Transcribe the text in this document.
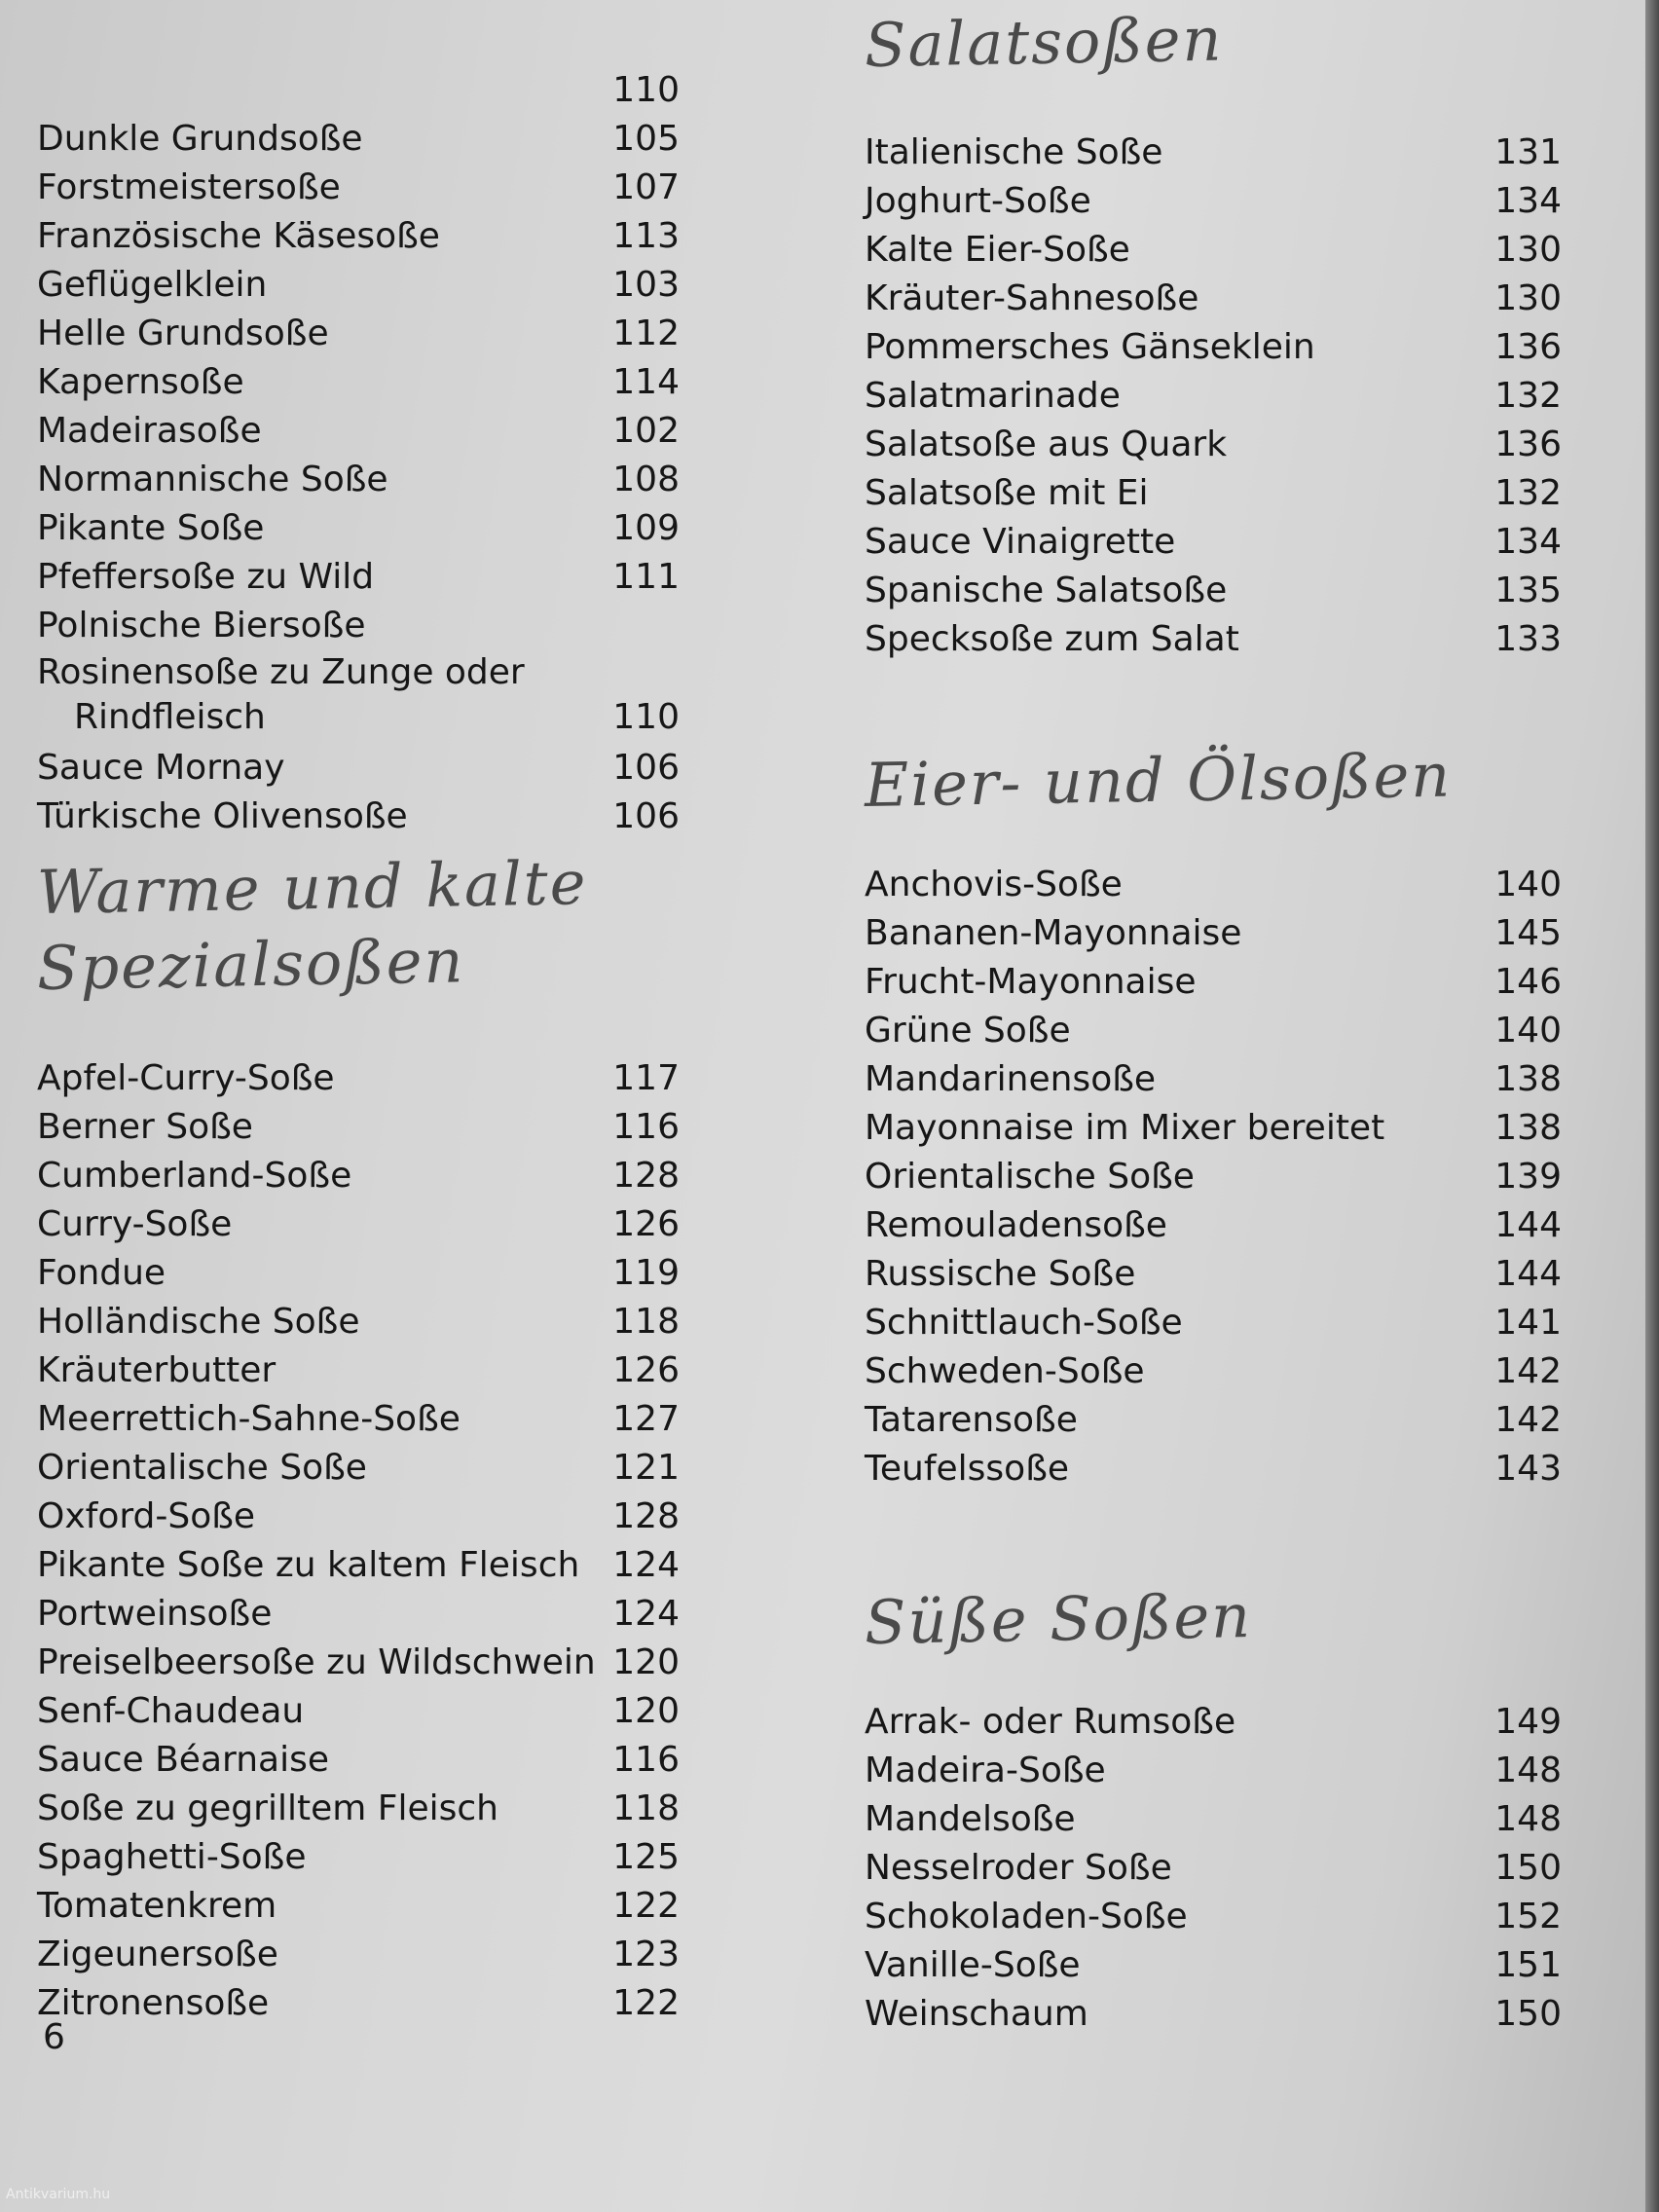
110
Dunkle Grundsoße	105
Forstmeistersoße	107
Französische Käsesoße	113
Geflügelklein	103
Helle Grundsoße	112
Kapernsoße	114
Madeirasoße	102
Normannische Soße	108
Pikante Soße	109
Pfeffersoße zu Wild	111
Polnische Biersoße
Rosinensoße zu Zunge oder
Rindfleisch	110
Sauce Mornay	106
Türkische Olivensoße	106
Warme und kalte
Spezialsoßen
Apfel-Curry-Soße	117
Berner Soße	116
Cumberland-Soße	128
Curry-Soße	126
Fondue	119
Holländische Soße	118
Kräuterbutter	126
Meerrettich-Sahne-Soße	127
Orientalische Soße	121
Oxford-Soße	128
Pikante Soße zu kaltem Fleisch 124
Portweinsoße	124
Preiselbeersoße zu Wildschwein 120
Senf-Chaudeau	120
Sauce Béarnaise	116
Soße zu gegrilltem Fleisch	118
Spaghetti-Soße	125
Tomatenkrem	122
Zigeunersoße	123
Zitronensoße	122
Salatsoßen
Italienische Soße	131
Joghurt-Soße	134
Kalte Eier-Soße	130
Kräuter-Sahnesoße	130
Pommersches Gänseklein	136
Salatmarinade	132
Salatsoße aus Quark	136
Salatsoße mit Ei	132
Sauce Vinaigrette	134
Spanische Salatsoße	135
Specksoße zum Salat	133
Eier- und Ölsoßen
Anchovis-Soße	140
Bananen-Mayonnaise	145
Frucht-Mayonnaise	146
Grüne Soße	140
Mandarinensoße	138
Mayonnaise im Mixer bereitet	138
Orientalische Soße	139
Remouladensoße	144
Russische Soße	144
Schnittlauch-Soße	141
Schweden-Soße	142
Tatarensoße	142
Teufelssoße	143
Süße Soßen
Arrak- oder Rumsoße	149
Madeira-Soße	148
Mandelsoße	148
Nesselroder Soße	150
Schokoladen-Soße	152
Vanille-Soße	151
Weinschaum	150
6
Antikvarium.hu
